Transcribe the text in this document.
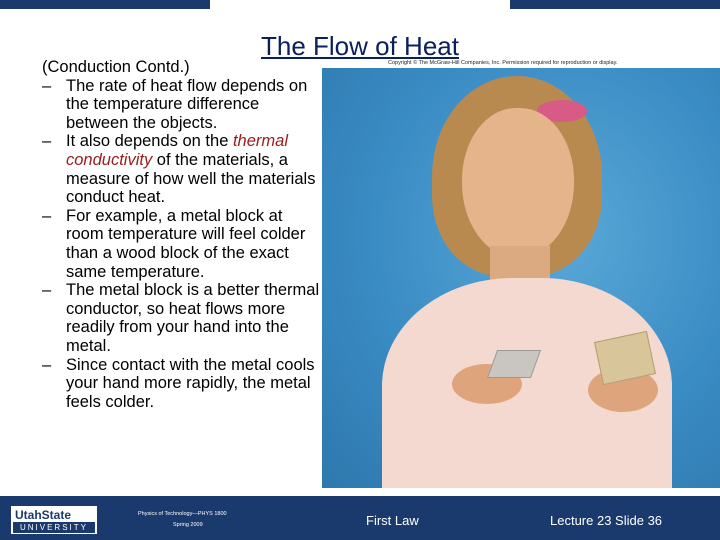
The Flow of Heat
(Conduction Contd.)
– The rate of heat flow depends on the temperature difference between the objects.
– It also depends on the thermal conductivity of the materials, a measure of how well the materials conduct heat.
– For example, a metal block at room temperature will feel colder than a wood block of the exact same temperature.
– The metal block is a better thermal conductor, so heat flows more readily from your hand into the metal.
– Since contact with the metal cools your hand more rapidly, the metal feels colder.
Copyright © The McGraw-Hill Companies, Inc. Permission required for reproduction or display.
UtahState
UNIVERSITY
Physics of Technology—PHYS 1800
Spring 2009	First Law	Lecture 23 Slide 36
